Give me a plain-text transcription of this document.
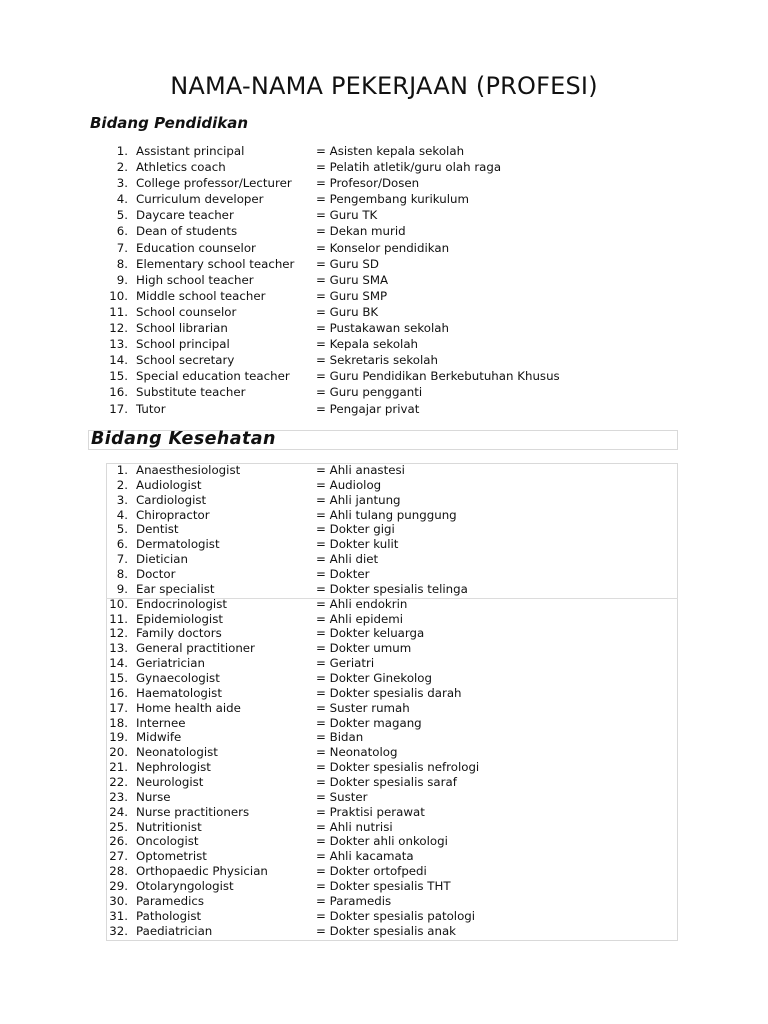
NAMA-NAMA PEKERJAAN (PROFESI)
Bidang Pendidikan
1. Assistant principal	= Asisten kepala sekolah
2. Athletics coach	= Pelatih atletik/guru olah raga
3. College professor/Lecturer = Profesor/Dosen
4. Curriculum developer	= Pengembang kurikulum
5. Daycare teacher	= Guru TK
6. Dean of students	= Dekan murid
7. Education counselor	= Konselor pendidikan
8. Elementary school teacher = Guru SD
9. High school teacher	= Guru SMA
10. Middle school teacher	= Guru SMP
11. School counselor	= Guru BK
12. School librarian	= Pustakawan sekolah
13. School principal	= Kepala sekolah
14. School secretary	= Sekretaris sekolah
15. Special education teacher = Guru Pendidikan Berkebutuhan Khusus
16. Substitute teacher	= Guru pengganti
17. Tutor	= Pengajar privat
Bidang Kesehatan
1. Anaesthesiologist	= Ahli anastesi
2. Audiologist	= Audiolog
3. Cardiologist	= Ahli jantung
4. Chiropractor	= Ahli tulang punggung
5. Dentist	= Dokter gigi
6. Dermatologist	= Dokter kulit
7. Dietician	= Ahli diet
8. Doctor	= Dokter
9. Ear specialist	= Dokter spesialis telinga
10. Endocrinologist	= Ahli endokrin
11. Epidemiologist	= Ahli epidemi
12. Family doctors	= Dokter keluarga
13. General practitioner	= Dokter umum
14. Geriatrician	= Geriatri
15. Gynaecologist	= Dokter Ginekolog
16. Haematologist	= Dokter spesialis darah
17. Home health aide	= Suster rumah
18. Internee	= Dokter magang
19. Midwife	= Bidan
20. Neonatologist	= Neonatolog
21. Nephrologist	= Dokter spesialis nefrologi
22. Neurologist	= Dokter spesialis saraf
23. Nurse	= Suster
24. Nurse practitioners	= Praktisi perawat
25. Nutritionist	= Ahli nutrisi
26. Oncologist	= Dokter ahli onkologi
27. Optometrist	= Ahli kacamata
28. Orthopaedic Physician	= Dokter ortofpedi
29. Otolaryngologist	= Dokter spesialis THT
30. Paramedics	= Paramedis
31. Pathologist	= Dokter spesialis patologi
32. Paediatrician	= Dokter spesialis anak
